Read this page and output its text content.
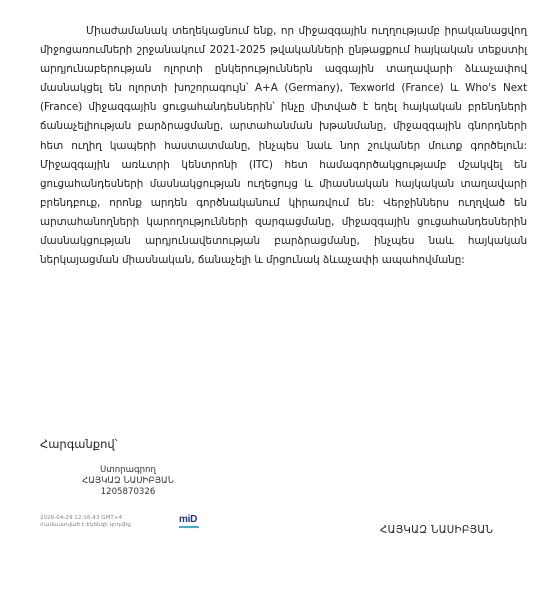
Միաժամանակ տեղեկացնում ենք, որ միջազգային ուղղությամբ իրականացվող միջոցառումների շրջանակում 2021-2025 թվականների ընթացքում հայկական տեքստիլ արդյունաբերության ոլորտի ընկերություններն ազգային տաղավարի ձևաչափով մասնակցել են ոլորտի խոշորագույն՝ A+A (Germany), Texworld (France) և Who's Next (France) միջազգային ցուցահանդեսներին՝ ինչը միտված է եղել հայկական բրենդների ճանաչելիության բարձրացմանը, արտահանման խթանմանը, միջազգային գնորդների հետ ուղիղ կապերի հաստատմանը, ինչպես նաև նոր շուկաներ մուտք գործելուն: Միջազգային առևտրի կենտրոնի (ITC) հետ համագործակցությամբ մշակվել են ցուցահանդեսների մասնակցության ուղեցույց և միասնական հայկական տաղավարի բրենդբուք, որոնք արդեն գործնականում կիրառվում են: Վերջիններս ուղղված են արտահանողների կարողությունների զարգացմանը, միջազգային ցուցահանդեսներին մասնակցության արդյունավետության բարձրացմանը, ինչպես նաև հայկական ներկայացման միասնական, ճանաչելի և մրցունակ ձևաչափի ապահովմանը:

Հարգանքով՝

Ստորագրող
ՀԱՅԿԱԶ ՆԱՍԻԲՅԱՆ
1205870326
2026-04-29 12:16:43 GMT+4
Համաստված է Էկենգի կողմից	miD
ՀԱՅԿԱԶ ՆԱՍԻԲՅԱՆ
